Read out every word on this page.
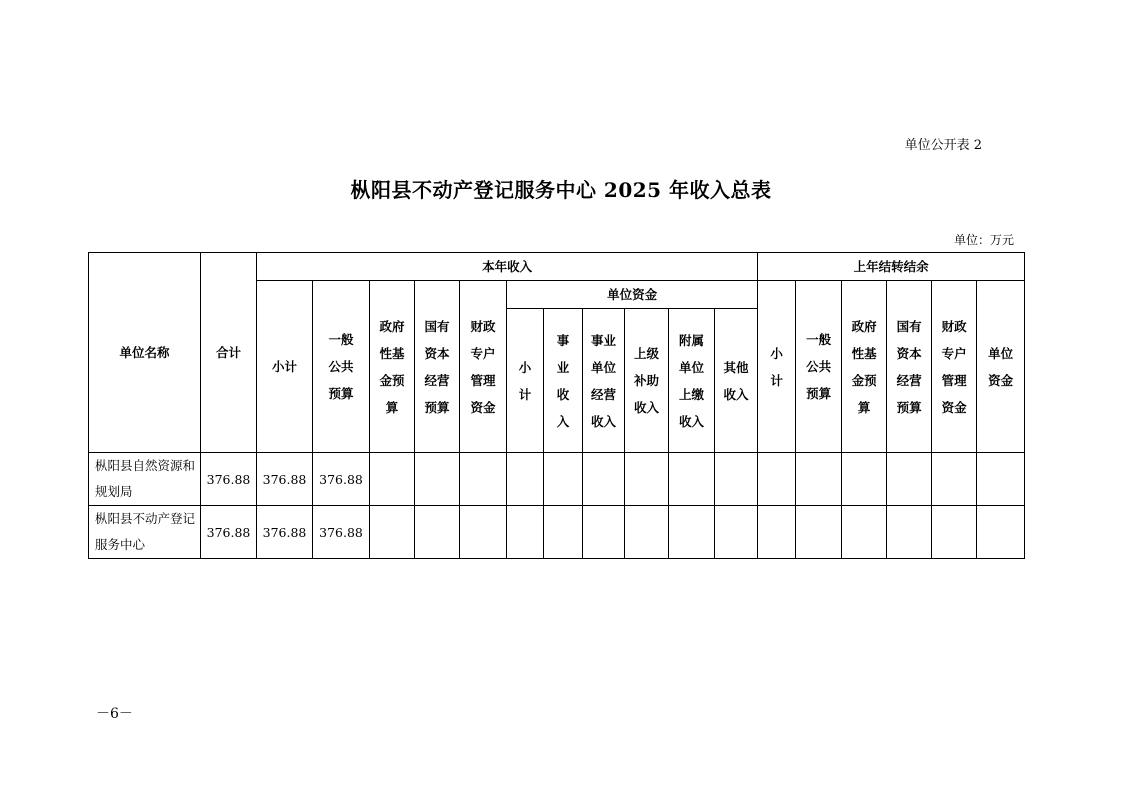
单位公开表 2
枞阳县不动产登记服务中心 2025 年收入总表
单位：万元
单位名称	合计	本年收入											上年结转结余					
		小计	一般公共预算	政府性基金预算	国有资本经营预算	财政专户管理资金	单位资金						小计	一般公共预算	政府性基金预算	国有资本经营预算	财政专户管理资金	单位资金
							小计	事业收入	事业单位经营收入	上级补助收入	附属单位上缴收入	其他收入						
枞阳县自然资源和规划局	376.88	376.88	376.88															
枞阳县不动产登记服务中心	376.88	376.88	376.88															
－6－
